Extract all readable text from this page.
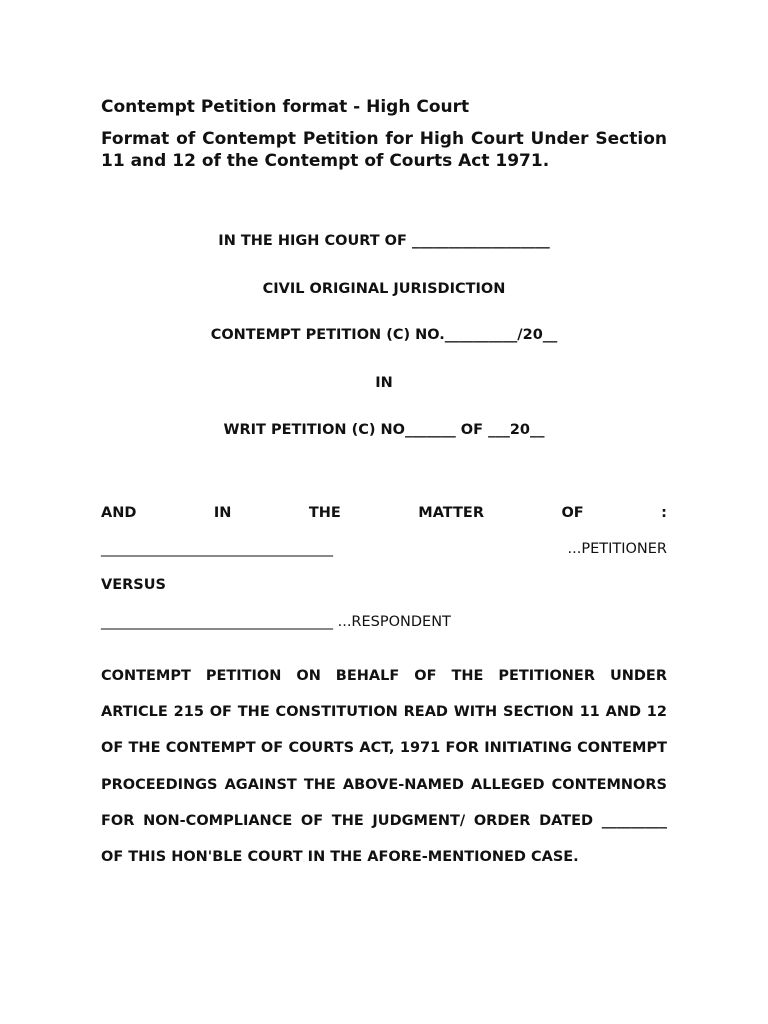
Contempt Petition format - High Court
Format of Contempt Petition for High Court Under Section 11 and 12 of the Contempt of Courts Act 1971.
IN THE HIGH COURT OF ___________________
CIVIL ORIGINAL JURISDICTION
CONTEMPT PETITION (C) NO.__________/20__
IN
WRIT PETITION (C) NO_______ OF ___20__
AND	IN	THE	MATTER	OF	:
________________________________	...PETITIONER
VERSUS
________________________________ ...RESPONDENT
CONTEMPT PETITION ON BEHALF OF THE PETITIONER UNDER ARTICLE 215 OF THE CONSTITUTION READ WITH SECTION 11 AND 12 OF THE CONTEMPT OF COURTS ACT, 1971 FOR INITIATING CONTEMPT PROCEEDINGS AGAINST THE ABOVE-NAMED ALLEGED CONTEMNORS FOR NON-COMPLIANCE OF THE JUDGMENT/ ORDER DATED _________ OF THIS HON'BLE COURT IN THE AFORE-MENTIONED CASE.
